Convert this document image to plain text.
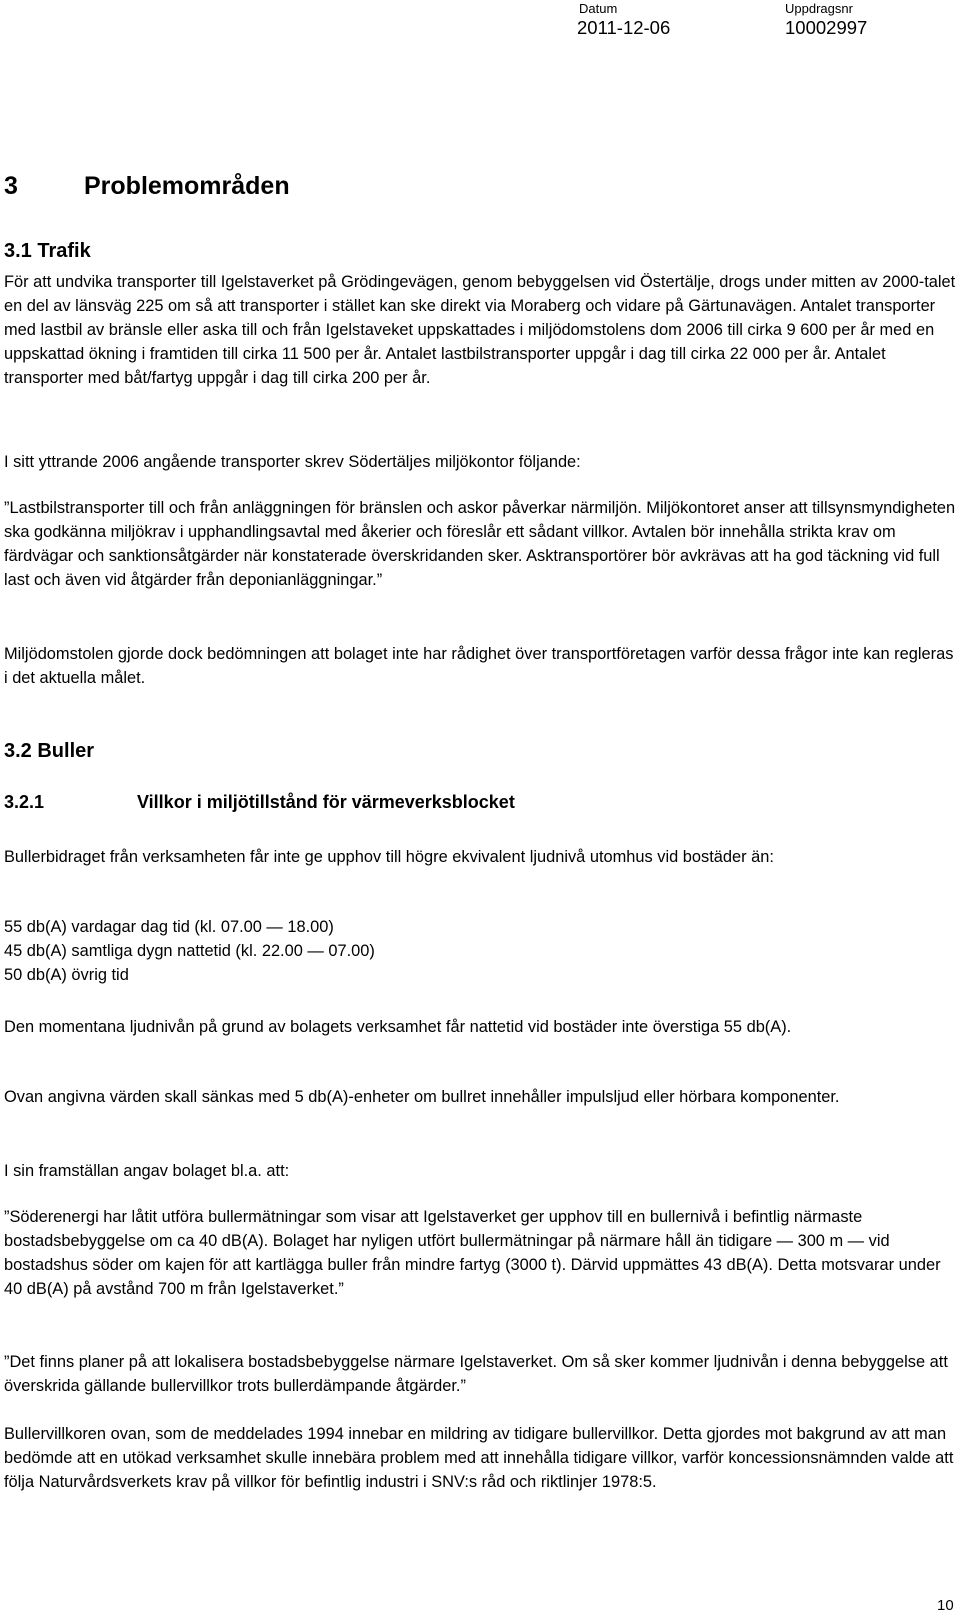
Datum
2011-12-06
Uppdragsnr
10002997
3	Problemområden
3.1 Trafik

För att undvika transporter till Igelstaverket på Grödingevägen, genom bebyggelsen vid Östertälje, drogs under mitten av 2000-talet en del av länsväg 225 om så att transporter i stället kan ske direkt via Moraberg och vidare på Gärtunavägen. Antalet transporter med lastbil av bränsle eller aska till och från Igelstaveket uppskattades i miljödomstolens dom 2006 till cirka 9 600 per år med en uppskattad ökning i framtiden till cirka 11 500 per år. Antalet lastbilstransporter uppgår i dag till cirka 22 000 per år. Antalet transporter med båt/fartyg uppgår i dag till cirka 200 per år.

I sitt yttrande 2006 angående transporter skrev Södertäljes miljökontor följande:

”Lastbilstransporter till och från anläggningen för bränslen och askor påverkar närmiljön. Miljökontoret anser att tillsynsmyndigheten ska godkänna miljökrav i upphandlingsavtal med åkerier och föreslår ett sådant villkor. Avtalen bör innehålla strikta krav om färdvägar och sanktionsåtgärder när konstaterade överskridanden sker. Asktransportörer bör avkrävas att ha god täckning vid full last och även vid åtgärder från deponianläggningar.”

Miljödomstolen gjorde dock bedömningen att bolaget inte har rådighet över transportföretagen varför dessa frågor inte kan regleras i det aktuella målet.

3.2 Buller
3.2.1	Villkor i miljötillstånd för värmeverksblocket

Bullerbidraget från verksamheten får inte ge upphov till högre ekvivalent ljudnivå utomhus vid bostäder än:

55 db(A) vardagar dag tid (kl. 07.00 — 18.00)
45 db(A) samtliga dygn nattetid (kl. 22.00 — 07.00)
50 db(A) övrig tid

Den momentana ljudnivån på grund av bolagets verksamhet får nattetid vid bostäder inte överstiga 55 db(A).

Ovan angivna värden skall sänkas med 5 db(A)-enheter om bullret innehåller impulsljud eller hörbara komponenter.

I sin framställan angav bolaget bl.a. att:

”Söderenergi har låtit utföra bullermätningar som visar att Igelstaverket ger upphov till en bullernivå i befintlig närmaste bostadsbebyggelse om ca 40 dB(A). Bolaget har nyligen utfört bullermätningar på närmare håll än tidigare — 300 m — vid bostadshus söder om kajen för att kartlägga buller från mindre fartyg (3000 t). Därvid uppmättes 43 dB(A). Detta motsvarar under 40 dB(A) på avstånd 700 m från Igelstaverket.”

”Det finns planer på att lokalisera bostadsbebyggelse närmare Igelstaverket. Om så sker kommer ljudnivån i denna bebyggelse att överskrida gällande bullervillkor trots bullerdämpande åtgärder.”

Bullervillkoren ovan, som de meddelades 1994 innebar en mildring av tidigare bullervillkor. Detta gjordes mot bakgrund av att man bedömde att en utökad verksamhet skulle innebära problem med att innehålla tidigare villkor, varför koncessionsnämnden valde att följa Naturvårdsverkets krav på villkor för befintlig industri i SNV:s råd och riktlinjer 1978:5.

10
